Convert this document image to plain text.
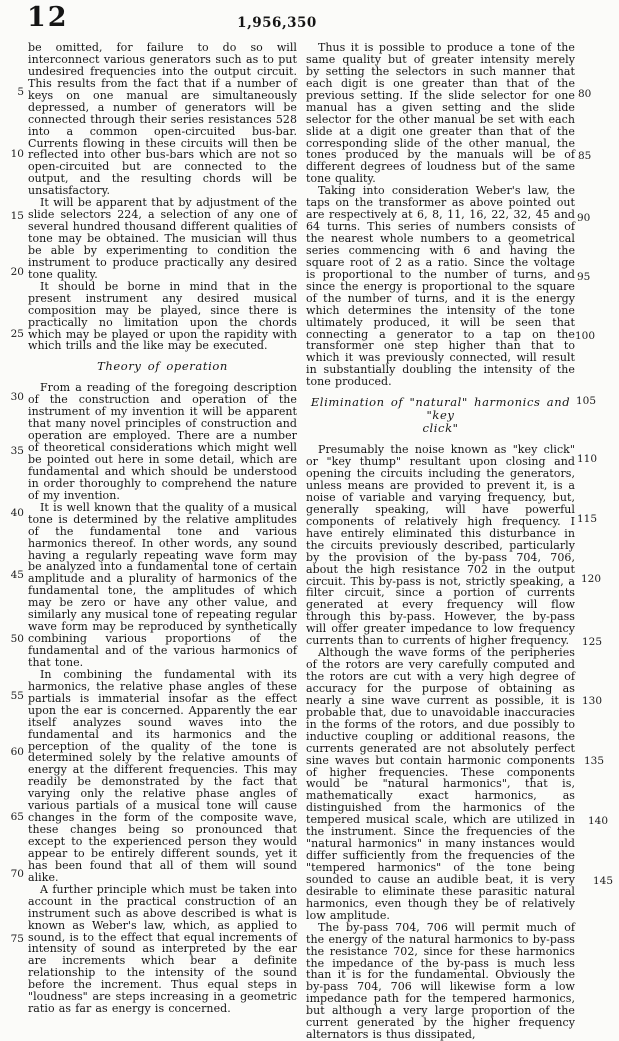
12	1,956,350
5
10
15
20
25
30
35
40
45
50
55
60
65
70
75

be omitted, for failure to do so will interconnect various generators such as to put undesired frequencies into the output circuit. This results from the fact that if a number of keys on one manual are simultaneously depressed, a number of generators will be connected through their series resistances 528 into a common open-circuited bus-bar. Currents flowing in these circuits will then be reflected into other bus-bars which are not so open-circuited but are connected to the output, and the resulting chords will be unsatisfactory.

It will be apparent that by adjustment of the slide selectors 224, a selection of any one of several hundred thousand different qualities of tone may be obtained. The musician will thus be able by experimenting to condition the instrument to produce practically any desired tone quality.

It should be borne in mind that in the present instrument any desired musical composition may be played, since there is practically no limitation upon the chords which may be played or upon the rapidity with which trills and the like may be executed.

Theory of operation

From a reading of the foregoing description of the construction and operation of the instrument of my invention it will be apparent that many novel principles of construction and operation are employed. There are a number of theoretical considerations which might well be pointed out here in some detail, which are fundamental and which should be understood in order thoroughly to comprehend the nature of my invention.

It is well known that the quality of a musical tone is determined by the relative amplitudes of the fundamental tone and various harmonics thereof. In other words, any sound having a regularly repeating wave form may be analyzed into a fundamental tone of certain amplitude and a plurality of harmonics of the fundamental tone, the amplitudes of which may be zero or have any other value, and similarly any musical tone of repeating regular wave form may be reproduced by synthetically combining various proportions of the fundamental and of the various harmonics of that tone.

In combining the fundamental with its harmonics, the relative phase angles of these partials is immaterial insofar as the effect upon the ear is concerned. Apparently the ear itself analyzes sound waves into the fundamental and its harmonics and the perception of the quality of the tone is determined solely by the relative amounts of energy at the different frequencies. This may readily be demonstrated by the fact that varying only the relative phase angles of various partials of a musical tone will cause changes in the form of the composite wave, these changes being so pronounced that except to the experienced person they would appear to be entirely different sounds, yet it has been found that all of them will sound alike.

A further principle which must be taken into account in the practical construction of an instrument such as above described is what is known as Weber's law, which, as applied to sound, is to the effect that equal increments of intensity of sound as interpreted by the ear are increments which bear a definite relationship to the intensity of the sound before the increment. Thus equal steps in "loudness" are steps increasing in a geometric ratio as far as energy is concerned.

Thus it is possible to produce a tone of the same quality but of greater intensity merely by setting the selectors in such manner that each digit is one greater than that of the previous setting. If the slide selector for one manual has a given setting and the slide selector for the other manual be set with each slide at a digit one greater than that of the corresponding slide of the other manual, the tones produced by the manuals will be of different degrees of loudness but of the same tone quality.

Taking into consideration Weber's law, the taps on the transformer as above pointed out are respectively at 6, 8, 11, 16, 22, 32, 45 and 64 turns. This series of numbers consists of the nearest whole numbers to a geometrical series commencing with 6 and having the square root of 2 as a ratio. Since the voltage is proportional to the number of turns, and since the energy is proportional to the square of the number of turns, and it is the energy which determines the intensity of the tone ultimately produced, it will be seen that connecting a generator to a tap on the transformer one step higher than that to which it was previously connected, will result in substantially doubling the intensity of the tone produced.

Elimination of "natural" harmonics and "key
click"

Presumably the noise known as "key click" or "key thump" resultant upon closing and opening the circuits including the generators, unless means are provided to prevent it, is a noise of variable and varying frequency, but, generally speaking, will have powerful components of relatively high frequency. I have entirely eliminated this disturbance in the circuits previously described, particularly by the provision of the by-pass 704, 706, about the high resistance 702 in the output circuit. This by-pass is not, strictly speaking, a filter circuit, since a portion of currents generated at every frequency will flow through this by-pass. However, the by-pass will offer greater impedance to low frequency currents than to currents of higher frequency.

Although the wave forms of the peripheries of the rotors are very carefully computed and the rotors are cut with a very high degree of accuracy for the purpose of obtaining as nearly a sine wave current as possible, it is probable that, due to unavoidable inaccuracies in the forms of the rotors, and due possibly to inductive coupling or additional reasons, the currents generated are not absolutely perfect sine waves but contain harmonic components of higher frequencies. These components would be "natural harmonics", that is, mathematically exact harmonics, as distinguished from the harmonics of the tempered musical scale, which are utilized in the instrument. Since the frequencies of the "natural harmonics" in many instances would differ sufficiently from the frequencies of the "tempered harmonics" of the tone being sounded to cause an audible beat, it is very desirable to eliminate these parasitic natural harmonics, even though they be of relatively low amplitude.

The by-pass 704, 706 will permit much of the energy of the natural harmonics to by-pass the resistance 702, since for these harmonics the impedance of the by-pass is much less than it is for the fundamental. Obviously the by-pass 704, 706 will likewise form a low impedance path for the tempered harmonics, but although a very large proportion of the current generated by the higher frequency alternators is thus dissipated,

80
85
90
95
100
105
110
115
120
125
130
135
140
145
